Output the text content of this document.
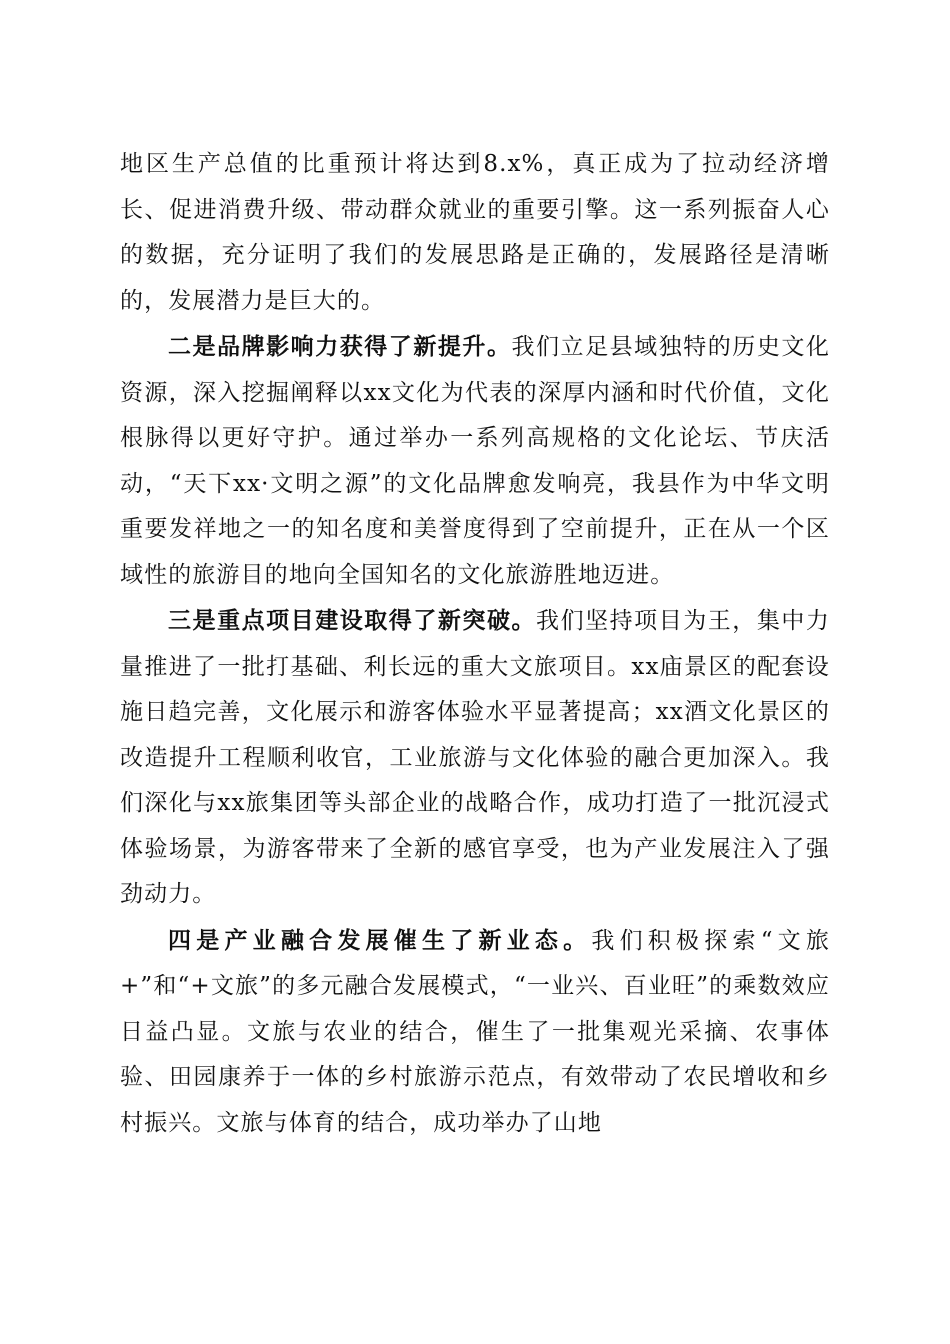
地区生产总值的比重预计将达到8.x%，真正成为了拉动经济增长、促进消费升级、带动群众就业的重要引擎。这一系列振奋人心的数据，充分证明了我们的发展思路是正确的，发展路径是清晰的，发展潜力是巨大的。

二是品牌影响力获得了新提升。我们立足县域独特的历史文化资源，深入挖掘阐释以xx文化为代表的深厚内涵和时代价值，文化根脉得以更好守护。通过举办一系列高规格的文化论坛、节庆活动，“天下xx·文明之源”的文化品牌愈发响亮，我县作为中华文明重要发祥地之一的知名度和美誉度得到了空前提升，正在从一个区域性的旅游目的地向全国知名的文化旅游胜地迈进。

三是重点项目建设取得了新突破。我们坚持项目为王，集中力量推进了一批打基础、利长远的重大文旅项目。xx庙景区的配套设施日趋完善，文化展示和游客体验水平显著提高；xx酒文化景区的改造提升工程顺利收官，工业旅游与文化体验的融合更加深入。我们深化与xx旅集团等头部企业的战略合作，成功打造了一批沉浸式体验场景，为游客带来了全新的感官享受，也为产业发展注入了强劲动力。

四是产业融合发展催生了新业态。我们积极探索“文旅+”和“+文旅”的多元融合发展模式，“一业兴、百业旺”的乘数效应日益凸显。文旅与农业的结合，催生了一批集观光采摘、农事体验、田园康养于一体的乡村旅游示范点，有效带动了农民增收和乡村振兴。文旅与体育的结合，成功举办了山地
